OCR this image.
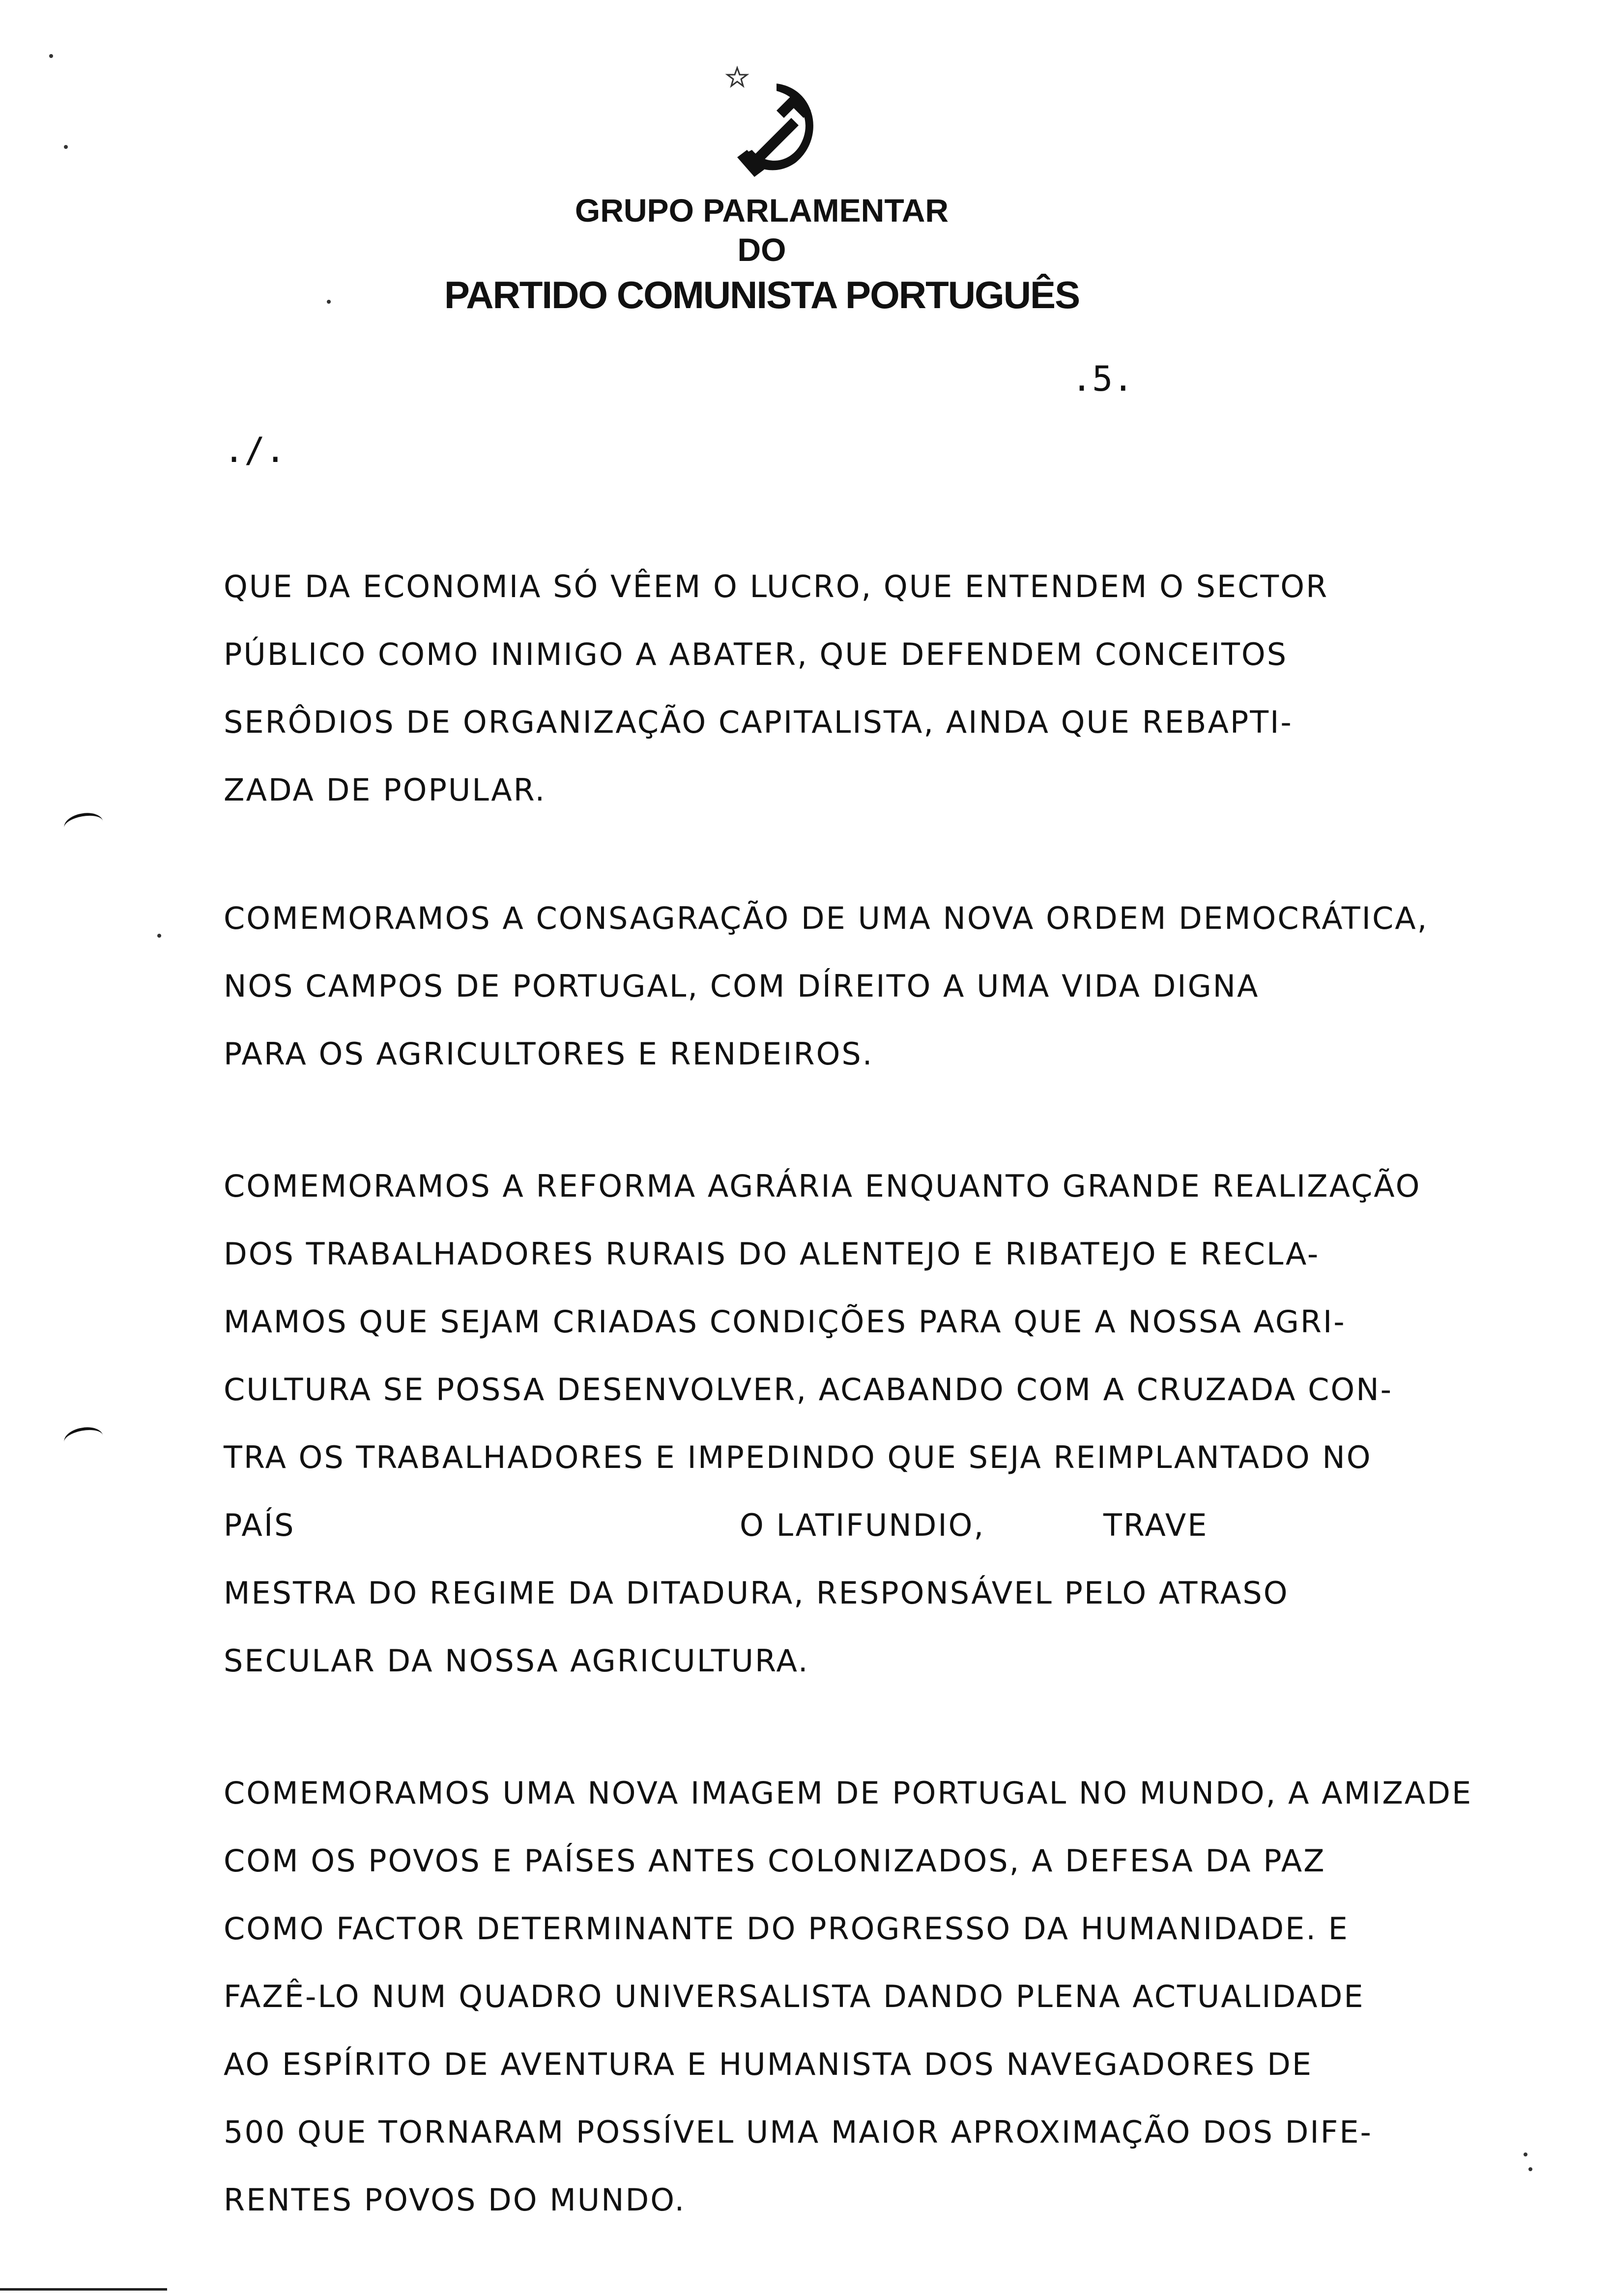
GRUPO PARLAMENTAR
DO
PARTIDO COMUNISTA PORTUGUÊS
.5.
./.

QUE DA ECONOMIA SÓ VÊEM O LUCRO, QUE ENTENDEM O SECTOR
PÚBLICO COMO INIMIGO A ABATER, QUE DEFENDEM CONCEITOS
SERÔDIOS DE ORGANIZAÇÃO CAPITALISTA, AINDA QUE REBAPTI-
ZADA DE POPULAR.

COMEMORAMOS A CONSAGRAÇÃO DE UMA NOVA ORDEM DEMOCRÁTICA,
NOS CAMPOS DE PORTUGAL, COM DÍREITO A UMA VIDA DIGNA
PARA OS AGRICULTORES E RENDEIROS.

COMEMORAMOS A REFORMA AGRÁRIA ENQUANTO GRANDE REALIZAÇÃO
DOS TRABALHADORES RURAIS DO ALENTEJO E RIBATEJO E RECLA-
MAMOS QUE SEJAM CRIADAS CONDIÇÕES PARA QUE A NOSSA AGRI-
CULTURA SE POSSA DESENVOLVER, ACABANDO COM A CRUZADA CON-
TRA OS TRABALHADORES E IMPEDINDO QUE SEJA REIMPLANTADO NO
PAÍS	O LATIFUNDIO,	TRAVE
MESTRA DO REGIME DA DITADURA, RESPONSÁVEL PELO ATRASO
SECULAR DA NOSSA AGRICULTURA.

COMEMORAMOS UMA NOVA IMAGEM DE PORTUGAL NO MUNDO, A AMIZADE
COM OS POVOS E PAÍSES ANTES COLONIZADOS, A DEFESA DA PAZ
COMO FACTOR DETERMINANTE DO PROGRESSO DA HUMANIDADE. E
FAZÊ-LO NUM QUADRO UNIVERSALISTA DANDO PLENA ACTUALIDADE
AO ESPÍRITO DE AVENTURA E HUMANISTA DOS NAVEGADORES DE
500 QUE TORNARAM POSSÍVEL UMA MAIOR APROXIMAÇÃO DOS DIFE-
RENTES POVOS DO MUNDO.
